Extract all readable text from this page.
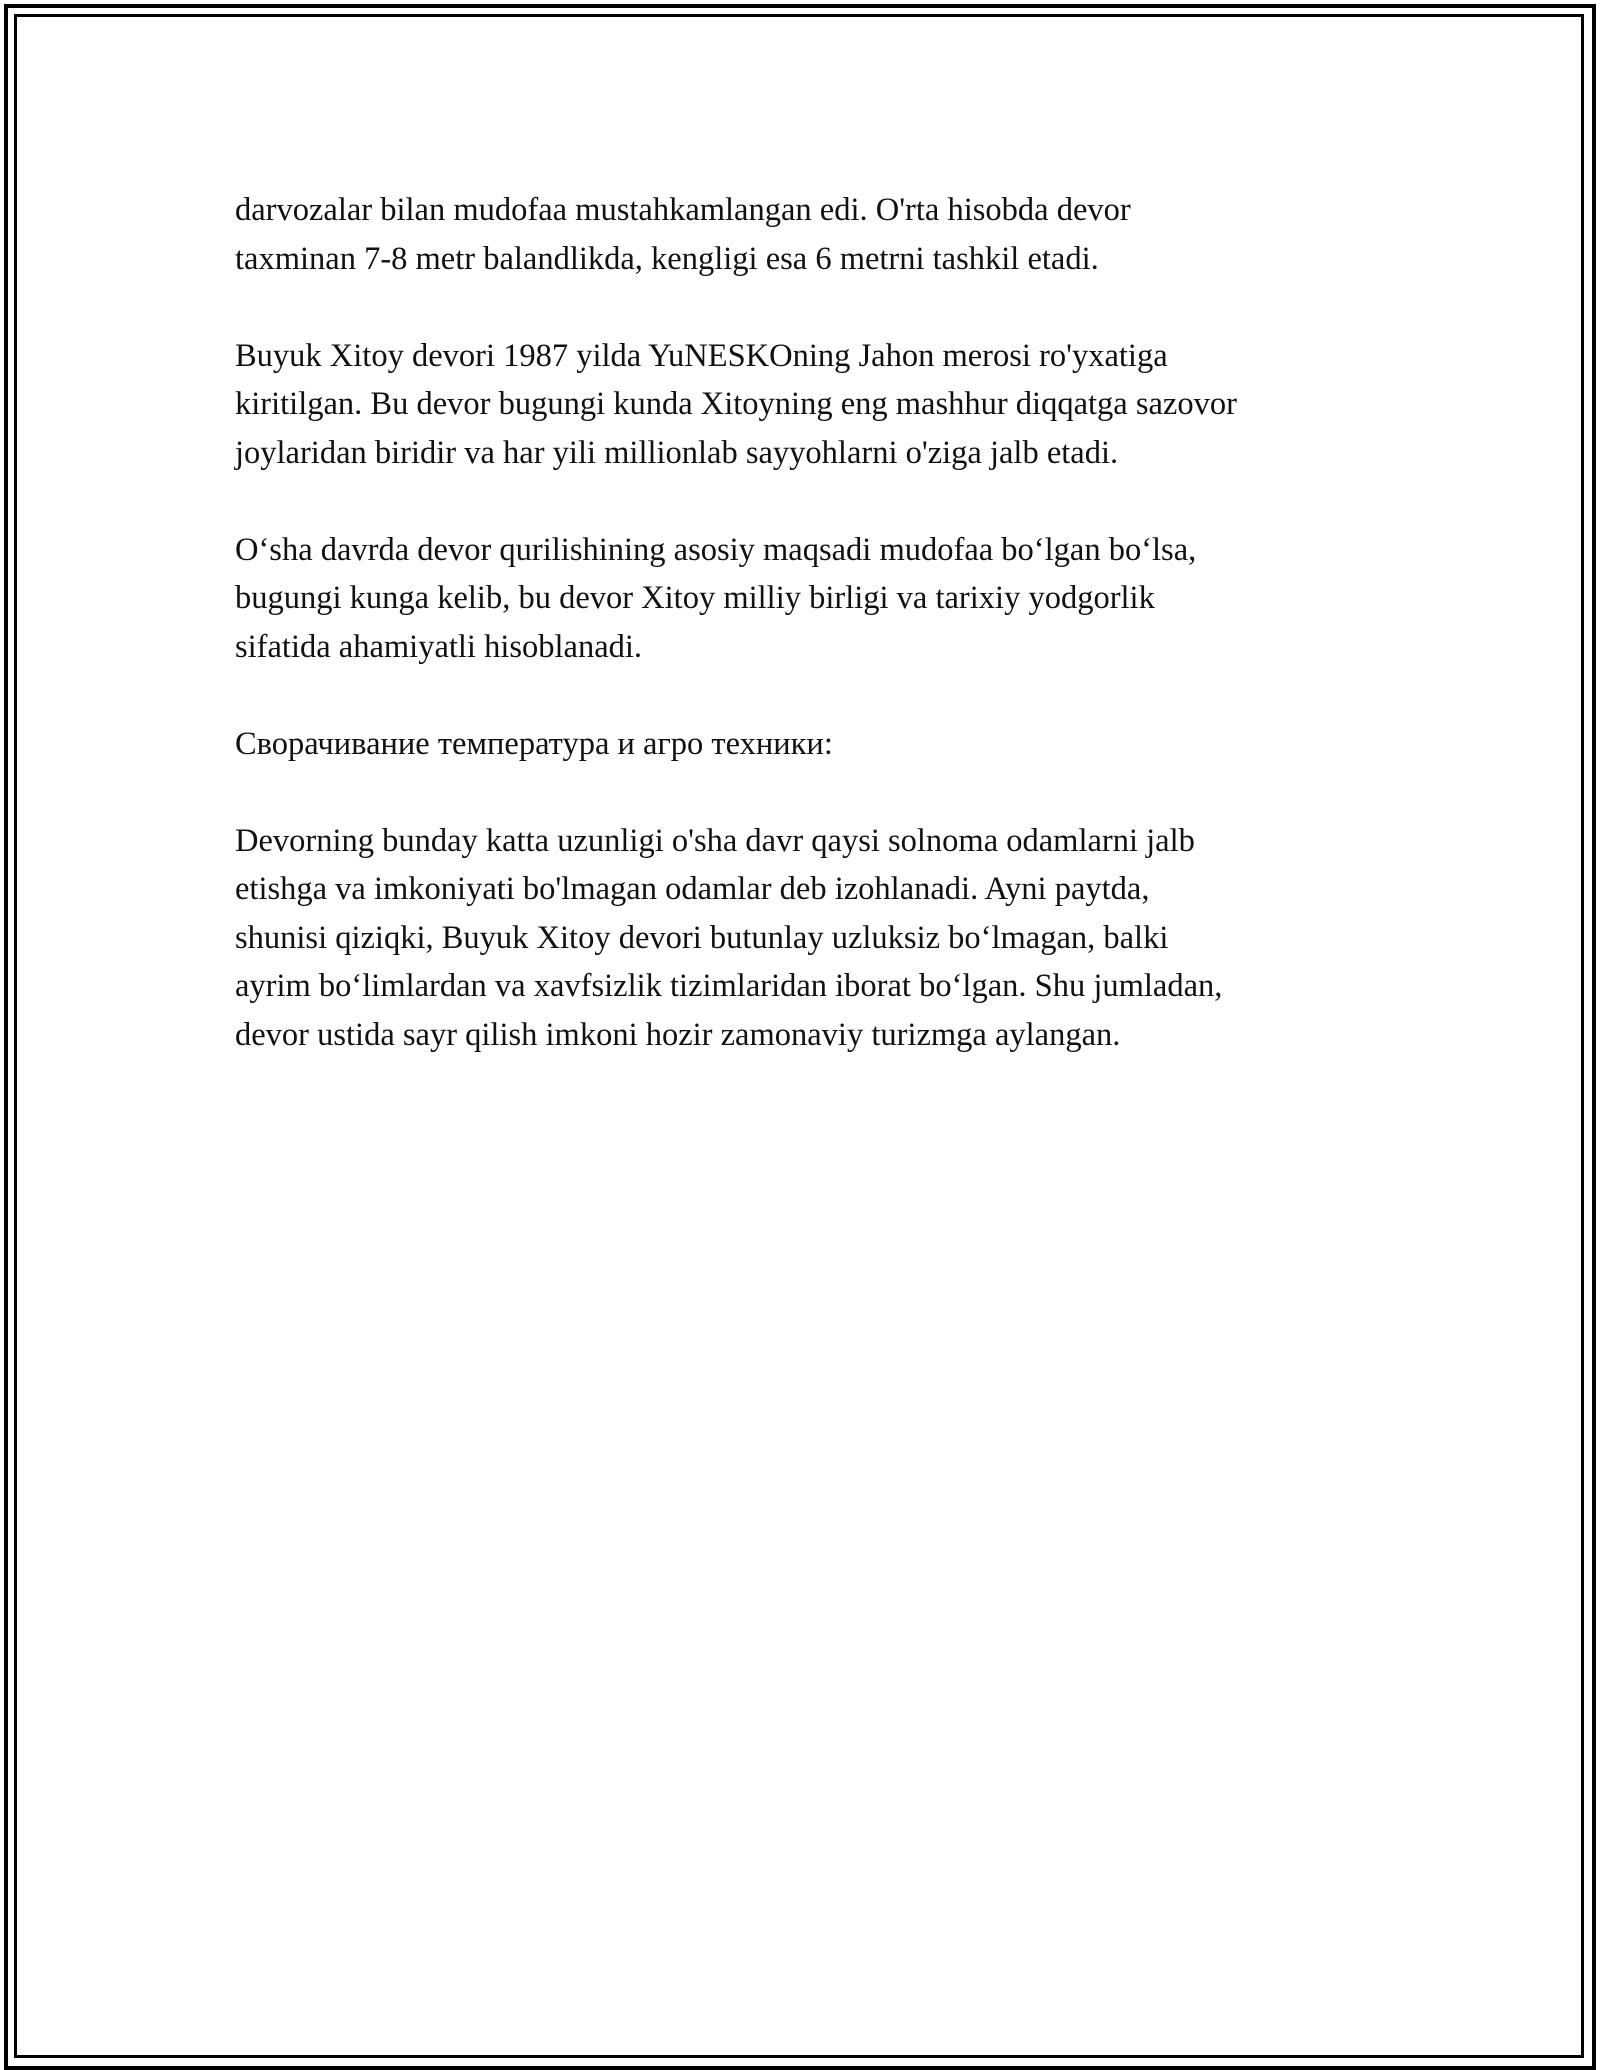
darvozalar bilan mudofaa mustahkamlangan edi. O'rta hisobda devor
taxminan 7-8 metr balandlikda, kengligi esa 6 metrni tashkil etadi.

Buyuk Xitoy devori 1987 yilda YuNESKOning Jahon merosi ro'yxatiga
kiritilgan. Bu devor bugungi kunda Xitoyning eng mashhur diqqatga sazovor
joylaridan biridir va har yili millionlab sayyohlarni o'ziga jalb etadi.

O‘sha davrda devor qurilishining asosiy maqsadi mudofaa bo‘lgan bo‘lsa,
bugungi kunga kelib, bu devor Xitoy milliy birligi va tarixiy yodgorlik
sifatida ahamiyatli hisoblanadi.

Сворачивание температура и агро техники:

Devorning bunday katta uzunligi o'sha davr qaysi solnoma odamlarni jalb
etishga va imkoniyati bo'lmagan odamlar deb izohlanadi. Ayni paytda,
shunisi qiziqki, Buyuk Xitoy devori butunlay uzluksiz bo‘lmagan, balki
ayrim bo‘limlardan va xavfsizlik tizimlaridan iborat bo‘lgan. Shu jumladan,
devor ustida sayr qilish imkoni hozir zamonaviy turizmga aylangan.
